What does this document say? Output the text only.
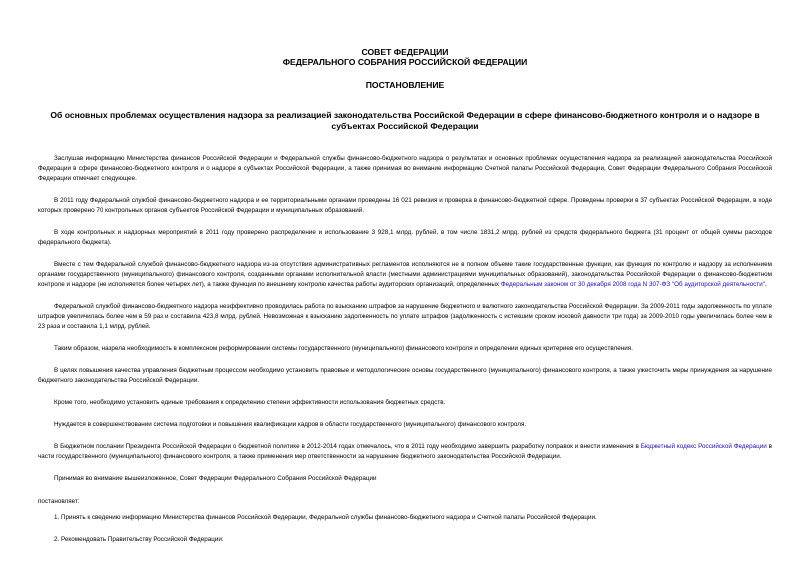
СОВЕТ ФЕДЕРАЦИИ
ФЕДЕРАЛЬНОГО СОБРАНИЯ РОССИЙСКОЙ ФЕДЕРАЦИИ
ПОСТАНОВЛЕНИЕ
Об основных проблемах осуществления надзора за реализацией законодательства Российской Федерации в сфере финансово-бюджетного контроля и о надзоре в субъектах Российской Федерации

Заслушав информацию Министерства финансов Российской Федерации и Федеральной службы финансово-бюджетного надзора о результатах и основных проблемах осуществления надзора за реализацией законодательства Российской Федерации в сфере финансово-бюджетного контроля и о надзоре в субъектах Российской Федерации, а также принимая во внимание информацию Счетной палаты Российской Федерации, Совет Федерации Федерального Собрания Российской Федерации отмечает следующее.

В 2011 году Федеральной службой финансово-бюджетного надзора и ее территориальными органами проведены 16 021 ревизия и проверка в финансово-бюджетной сфере. Проведены проверки в 37 субъектах Российской Федерации, в ходе которых проверено 70 контрольных органов субъектов Российской Федерации и муниципальных образований.

В ходе контрольных и надзорных мероприятий в 2011 году проверено распределение и использование 3 928,1 млрд. рублей, в том числе 1831,2 млрд. рублей из средств федерального бюджета (31 процент от общей суммы расходов федерального бюджета).

Вместе с тем Федеральной службой финансово-бюджетного надзора из-за отсутствия административных регламентов исполняются не в полном объеме такие государственные функции, как функция по контролю и надзору за исполнением органами государственного (муниципального) финансового контроля, созданными органами исполнительной власти (местными администрациями муниципальных образований), законодательства Российской Федерации о финансово-бюджетном контроле и надзоре (не исполняется более четырех лет), а также функция по внешнему контролю качества работы аудиторских организаций, определенных Федеральным законом от 30 декабря 2008 года N 307-ФЗ "Об аудиторской деятельности".

Федеральной службой финансово-бюджетного надзора неэффективно проводилась работа по взысканию штрафов за нарушение бюджетного и валютного законодательства Российской Федерации. За 2009-2011 годы задолженность по уплате штрафов увеличилась более чем в 59 раз и составила 423,8 млрд. рублей. Невозможная к взысканию задолженность по уплате штрафов (задолженность с истекшим сроком исковой давности три года) за 2009-2010 годы увеличилась более чем в 23 раза и составила 1,1 млрд. рублей.

Таким образом, назрела необходимость в комплексном реформировании системы государственного (муниципального) финансового контроля и определении единых критериев его осуществления.

В целях повышения качества управления бюджетным процессом необходимо установить правовые и методологические основы государственного (муниципального) финансового контроля, а также ужесточить меры принуждения за нарушение бюджетного законодательства Российской Федерации.

Кроме того, необходимо установить единые требования к определению степени эффективности использования бюджетных средств.

Нуждается в совершенствовании система подготовки и повышения квалификации кадров в области государственного (муниципального) финансового контроля.

В Бюджетном послании Президента Российской Федерации о бюджетной политике в 2012-2014 годах отмечалось, что в 2011 году необходимо завершить разработку поправок и внести изменения в Бюджетный кодекс Российской Федерации в части государственного (муниципального) финансового контроля, а также применения мер ответственности за нарушение бюджетного законодательства Российской Федерации.

Принимая во внимание вышеизложенное, Совет Федерации Федерального Собрания Российской Федерации

постановляет:

1. Принять к сведению информацию Министерства финансов Российской Федерации, Федеральной службы финансово-бюджетного надзора и Счетной палаты Российской Федерации.

2. Рекомендовать Правительству Российской Федерации:
